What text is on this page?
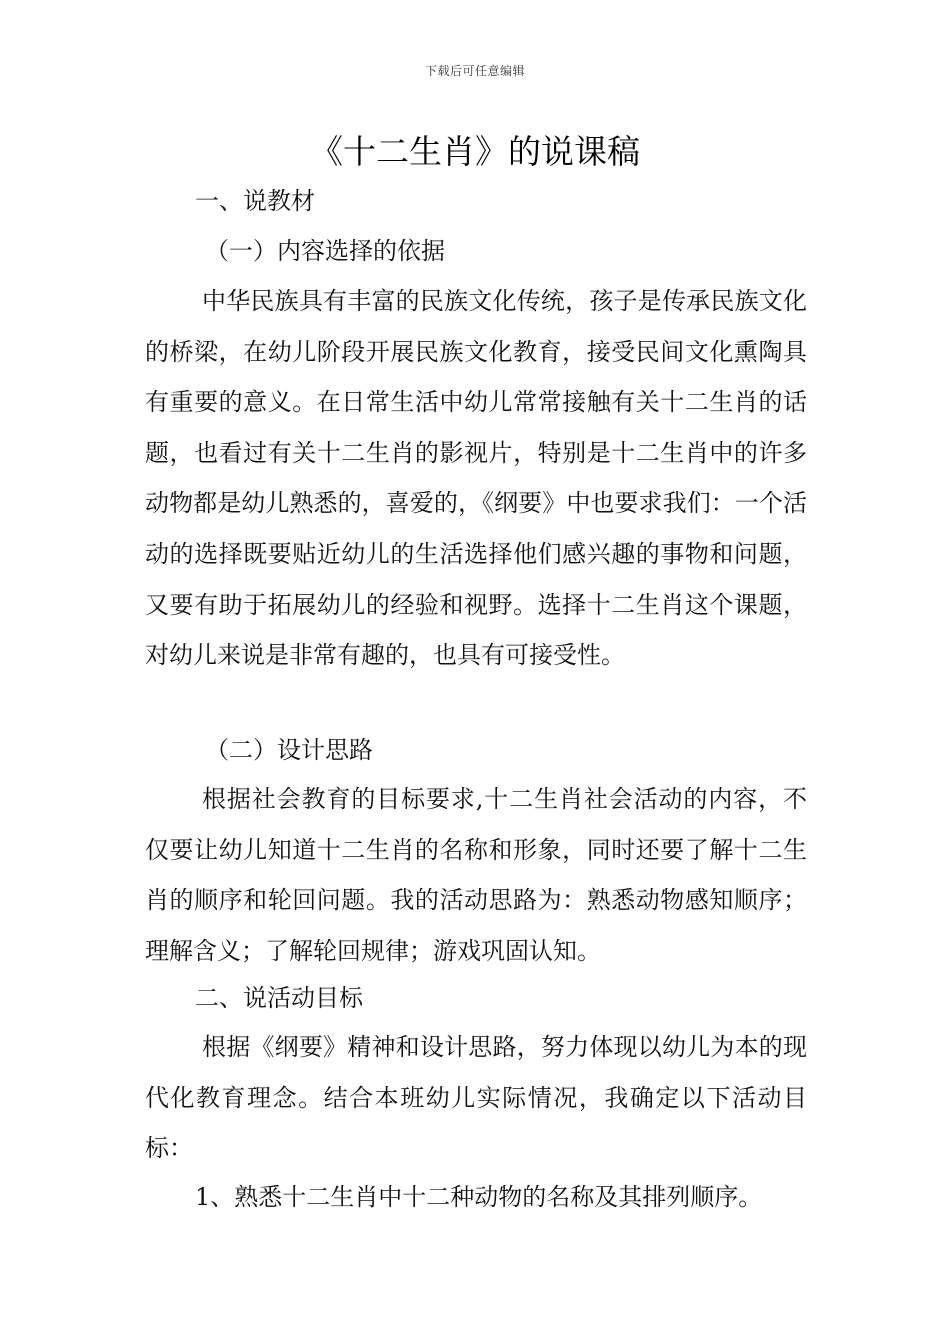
下载后可任意编辑
《十二生肖》的说课稿

一、说教材

（一）内容选择的依据

中华民族具有丰富的民族文化传统，孩子是传承民族文化的桥梁，在幼儿阶段开展民族文化教育，接受民间文化熏陶具有重要的意义。在日常生活中幼儿常常接触有关十二生肖的话题，也看过有关十二生肖的影视片，特别是十二生肖中的许多动物都是幼儿熟悉的，喜爱的，《纲要》中也要求我们：一个活动的选择既要贴近幼儿的生活选择他们感兴趣的事物和问题，又要有助于拓展幼儿的经验和视野。选择十二生肖这个课题，对幼儿来说是非常有趣的，也具有可接受性。

（二）设计思路

根据社会教育的目标要求,十二生肖社会活动的内容，不仅要让幼儿知道十二生肖的名称和形象，同时还要了解十二生肖的顺序和轮回问题。我的活动思路为：熟悉动物感知顺序；理解含义；了解轮回规律；游戏巩固认知。

二、说活动目标

根据《纲要》精神和设计思路，努力体现以幼儿为本的现代化教育理念。结合本班幼儿实际情况，我确定以下活动目标：

1、熟悉十二生肖中十二种动物的名称及其排列顺序。
